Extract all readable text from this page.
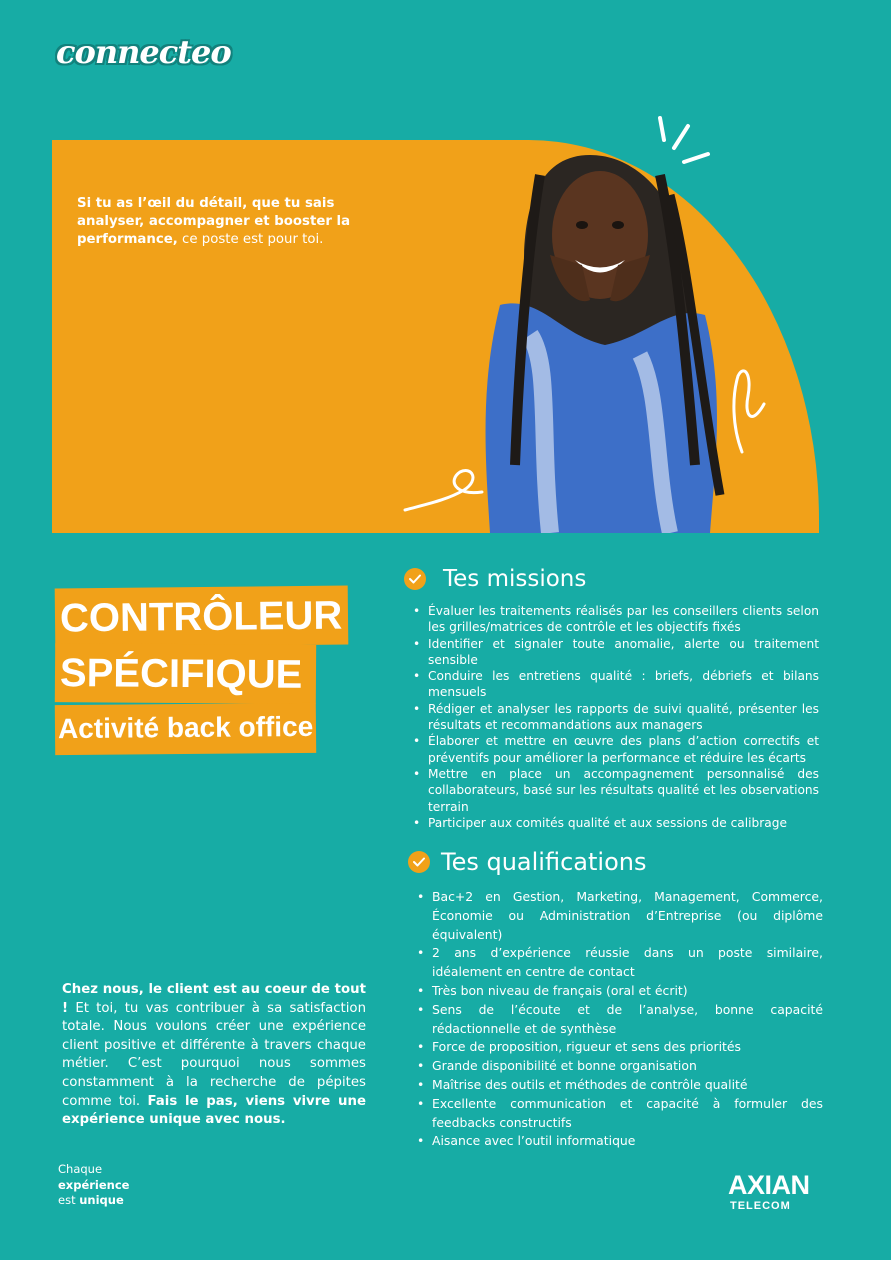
connecteo
Si tu as l’œil du détail, que tu sais analyser, accompagner et booster la performance, ce poste est pour toi.
CONTRÔLEUR
SPÉCIFIQUE
Activité back office
Tes missions
• Évaluer les traitements réalisés par les conseillers clients selon les grilles/matrices de contrôle et les objectifs fixés
• Identifier et signaler toute anomalie, alerte ou traitement sensible
• Conduire les entretiens qualité : briefs, débriefs et bilans mensuels
• Rédiger et analyser les rapports de suivi qualité, présenter les résultats et recommandations aux managers
• Élaborer et mettre en œuvre des plans d’action correctifs et préventifs pour améliorer la performance et réduire les écarts
• Mettre en place un accompagnement personnalisé des collaborateurs, basé sur les résultats qualité et les observations terrain
• Participer aux comités qualité et aux sessions de calibrage
Tes qualifications
• Bac+2 en Gestion, Marketing, Management, Commerce, Économie ou Administration d’Entreprise (ou diplôme équivalent)
• 2 ans d’expérience réussie dans un poste similaire, idéalement en centre de contact
• Très bon niveau de français (oral et écrit)
• Sens de l’écoute et de l’analyse, bonne capacité rédactionnelle et de synthèse
• Force de proposition, rigueur et sens des priorités
• Grande disponibilité et bonne organisation
• Maîtrise des outils et méthodes de contrôle qualité
• Excellente communication et capacité à formuler des feedbacks constructifs
• Aisance avec l’outil informatique
Chez nous, le client est au coeur de tout ! Et toi, tu vas contribuer à sa satisfaction totale. Nous voulons créer une expérience client positive et différente à travers chaque métier. C’est pourquoi nous sommes constamment à la recherche de pépites comme toi. Fais le pas, viens vivre une expérience unique avec nous.
Chaque
expérience
est unique	AXIAN
TELECOM
